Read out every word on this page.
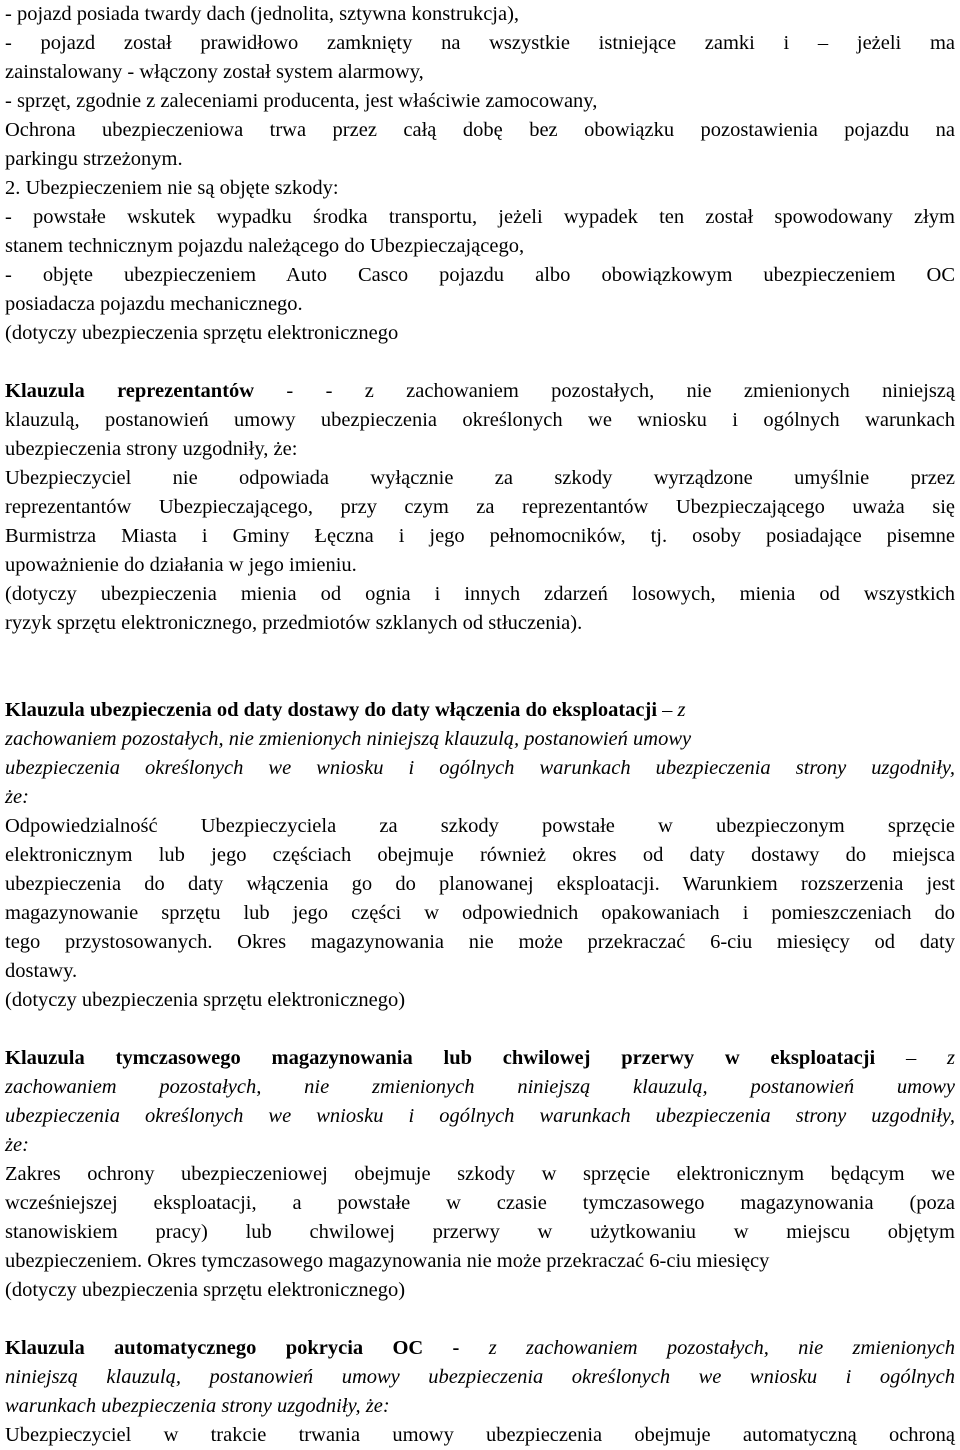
- pojazd posiada twardy dach (jednolita, sztywna konstrukcja),
- pojazd został prawidłowo zamknięty na wszystkie istniejące zamki i – jeżeli ma
zainstalowany - włączony został system alarmowy,
- sprzęt, zgodnie z zaleceniami producenta, jest właściwie zamocowany,
Ochrona ubezpieczeniowa trwa przez całą dobę bez obowiązku pozostawienia pojazdu na
parkingu strzeżonym.
2. Ubezpieczeniem nie są objęte szkody:
- powstałe wskutek wypadku środka transportu, jeżeli wypadek ten został spowodowany złym
stanem technicznym pojazdu należącego do Ubezpieczającego,
- objęte ubezpieczeniem Auto Casco pojazdu albo obowiązkowym ubezpieczeniem OC
posiadacza pojazdu mechanicznego.
(dotyczy ubezpieczenia sprzętu elektronicznego
Klauzula reprezentantów - - z zachowaniem pozostałych, nie zmienionych niniejszą
klauzulą, postanowień umowy ubezpieczenia określonych we wniosku i ogólnych warunkach
ubezpieczenia strony uzgodniły, że:
Ubezpieczyciel nie odpowiada wyłącznie za szkody wyrządzone umyślnie przez
reprezentantów Ubezpieczającego, przy czym za reprezentantów Ubezpieczającego uważa się
Burmistrza Miasta i Gminy Łęczna i jego pełnomocników, tj. osoby posiadające pisemne
upoważnienie do działania w jego imieniu.
(dotyczy ubezpieczenia mienia od ognia i innych zdarzeń losowych, mienia od wszystkich
ryzyk sprzętu elektronicznego, przedmiotów szklanych od stłuczenia).
Klauzula ubezpieczenia od daty dostawy do daty włączenia do eksploatacji – z
zachowaniem pozostałych, nie zmienionych niniejszą klauzulą, postanowień umowy
ubezpieczenia określonych we wniosku i ogólnych warunkach ubezpieczenia strony uzgodniły,
że:
Odpowiedzialność Ubezpieczyciela za szkody powstałe w ubezpieczonym sprzęcie
elektronicznym lub jego częściach obejmuje również okres od daty dostawy do miejsca
ubezpieczenia do daty włączenia go do planowanej eksploatacji. Warunkiem rozszerzenia jest
magazynowanie sprzętu lub jego części w odpowiednich opakowaniach i pomieszczeniach do
tego przystosowanych. Okres magazynowania nie może przekraczać 6-ciu miesięcy od daty
dostawy.
(dotyczy ubezpieczenia sprzętu elektronicznego)
Klauzula tymczasowego magazynowania lub chwilowej przerwy w eksploatacji – z
zachowaniem pozostałych, nie zmienionych niniejszą klauzulą, postanowień umowy
ubezpieczenia określonych we wniosku i ogólnych warunkach ubezpieczenia strony uzgodniły,
że:
Zakres ochrony ubezpieczeniowej obejmuje szkody w sprzęcie elektronicznym będącym we
wcześniejszej eksploatacji, a powstałe w czasie tymczasowego magazynowania (poza
stanowiskiem pracy) lub chwilowej przerwy w użytkowaniu w miejscu objętym
ubezpieczeniem. Okres tymczasowego magazynowania nie może przekraczać 6-ciu miesięcy
(dotyczy ubezpieczenia sprzętu elektronicznego)
Klauzula automatycznego pokrycia OC - z zachowaniem pozostałych, nie zmienionych
niniejszą klauzulą, postanowień umowy ubezpieczenia określonych we wniosku i ogólnych
warunkach ubezpieczenia strony uzgodniły, że:
Ubezpieczyciel w trakcie trwania umowy ubezpieczenia obejmuje automatyczną ochroną
